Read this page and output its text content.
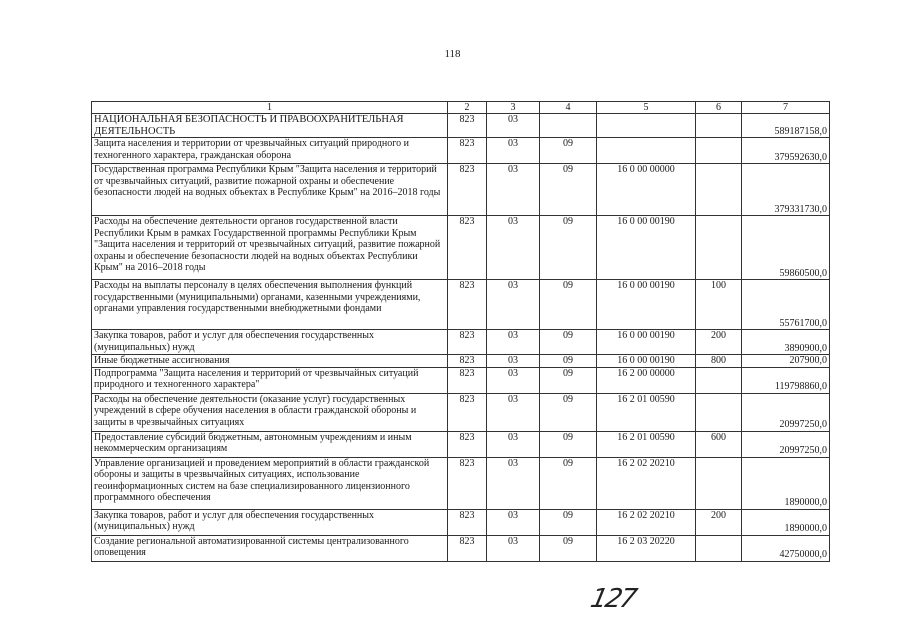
118
1	2	3	4	5	6	7
НАЦИОНАЛЬНАЯ БЕЗОПАСНОСТЬ И ПРАВООХРАНИТЕЛЬНАЯ ДЕЯТЕЛЬНОСТЬ	823	03				589187158,0
Защита населения и территории от чрезвычайных ситуаций природного и техногенного характера, гражданская оборона	823	03	09			379592630,0
Государственная программа Республики Крым "Защита населения и территорий от чрезвычайных ситуаций, развитие пожарной охраны и обеспечение безопасности людей на водных объектах в Республике Крым" на 2016–2018 годы	823	03	09	16 0 00 00000		379331730,0
Расходы на обеспечение деятельности органов государственной власти Республики Крым в рамках Государственной программы Республики Крым "Защита населения и территорий от чрезвычайных ситуаций, развитие пожарной охраны и обеспечение безопасности людей на водных объектах Республики Крым" на 2016–2018 годы	823	03	09	16 0 00 00190		59860500,0
Расходы на выплаты персоналу в целях обеспечения выполнения функций государственными (муниципальными) органами, казенными учреждениями, органами управления государственными внебюджетными фондами	823	03	09	16 0 00 00190	100	55761700,0
Закупка товаров, работ и услуг для обеспечения государственных (муниципальных) нужд	823	03	09	16 0 00 00190	200	3890900,0
Иные бюджетные ассигнования	823	03	09	16 0 00 00190	800	207900,0
Подпрограмма "Защита населения и территорий от чрезвычайных ситуаций природного и техногенного характера"	823	03	09	16 2 00 00000		119798860,0
Расходы на обеспечение деятельности (оказание услуг) государственных учреждений в сфере обучения населения в области гражданской обороны и защиты в чрезвычайных ситуациях	823	03	09	16 2 01 00590		20997250,0
Предоставление субсидий бюджетным, автономным учреждениям и иным некоммерческим организациям	823	03	09	16 2 01 00590	600	20997250,0
Управление организацией и проведением мероприятий в области гражданской обороны и защиты в чрезвычайных ситуациях, использование геоинформационных систем на базе специализированного лицензионного программного обеспечения	823	03	09	16 2 02 20210		1890000,0
Закупка товаров, работ и услуг для обеспечения государственных (муниципальных) нужд	823	03	09	16 2 02 20210	200	1890000,0
Создание региональной автоматизированной системы централизованного оповещения	823	03	09	16 2 03 20220		42750000,0
127
